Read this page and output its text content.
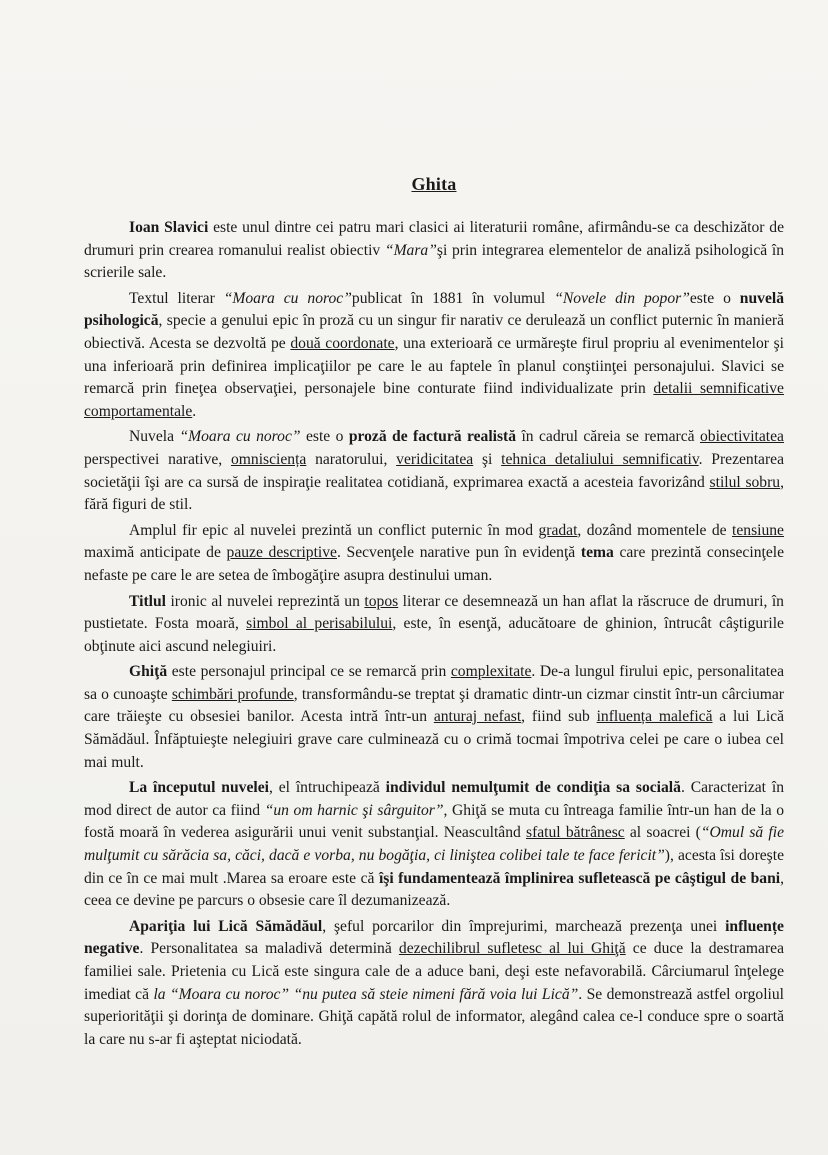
Ghita

Ioan Slavici este unul dintre cei patru mari clasici ai literaturii române, afirmându-se ca deschizător de drumuri prin crearea romanului realist obiectiv “Mara”şi prin integrarea elementelor de analiză psihologică în scrierile sale.

Textul literar “Moara cu noroc”publicat în 1881 în volumul “Novele din popor”este o nuvelă psihologică, specie a genului epic în proză cu un singur fir narativ ce derulează un conflict puternic în manieră obiectivă. Acesta se dezvoltă pe două coordonate, una exterioară ce urmăreşte firul propriu al evenimentelor şi una inferioară prin definirea implicaţiilor pe care le au faptele în planul conştiinţei personajului. Slavici se remarcă prin fineţea observaţiei, personajele bine conturate fiind individualizate prin detalii semnificative comportamentale.

Nuvela “Moara cu noroc” este o proză de factură realistă în cadrul căreia se remarcă obiectivitatea perspectivei narative, omnisciența naratorului, veridicitatea şi tehnica detaliului semnificativ. Prezentarea societăţii îşi are ca sursă de inspiraţie realitatea cotidiană, exprimarea exactă a acesteia favorizând stilul sobru, fără figuri de stil.

Amplul fir epic al nuvelei prezintă un conflict puternic în mod gradat, dozând momentele de tensiune maximă anticipate de pauze descriptive. Secvenţele narative pun în evidenţă tema care prezintă consecinţele nefaste pe care le are setea de îmbogăţire asupra destinului uman.

Titlul ironic al nuvelei reprezintă un topos literar ce desemnează un han aflat la răscruce de drumuri, în pustietate. Fosta moară, simbol al perisabilului, este, în esenţă, aducătoare de ghinion, întrucât câştigurile obţinute aici ascund nelegiuiri.

Ghiţă este personajul principal ce se remarcă prin complexitate. De-a lungul firului epic, personalitatea sa o cunoaşte schimbări profunde, transformându-se treptat şi dramatic dintr-un cizmar cinstit într-un cârciumar care trăieşte cu obsesiei banilor. Acesta intră într-un anturaj nefast, fiind sub influența malefică a lui Lică Sămădăul. Înfăptuieşte nelegiuiri grave care culminează cu o crimă tocmai împotriva celei pe care o iubea cel mai mult.

La începutul nuvelei, el întruchipează individul nemulţumit de condiţia sa socială. Caracterizat în mod direct de autor ca fiind “un om harnic şi sârguitor”, Ghiţă se muta cu întreaga familie într-un han de la o fostă moară în vederea asigurării unui venit substanţial. Neascultând sfatul bătrânesc al soacrei (“Omul să fie mulţumit cu sărăcia sa, căci, dacă e vorba, nu bogăţia, ci liniştea colibei tale te face fericit”), acesta îsi doreşte din ce în ce mai mult .Marea sa eroare este că îşi fundamentează împlinirea sufletească pe câştigul de bani, ceea ce devine pe parcurs o obsesie care îl dezumanizează.

Apariţia lui Lică Sămădăul, şeful porcarilor din împrejurimi, marchează prezenţa unei influențe negative. Personalitatea sa maladivă determină dezechilibrul sufletesc al lui Ghiţă ce duce la destramarea familiei sale. Prietenia cu Lică este singura cale de a aduce bani, deşi este nefavorabilă. Cârciumarul înţelege imediat că la “Moara cu noroc” “nu putea să steie nimeni fără voia lui Lică”. Se demonstrează astfel orgoliul superiorităţii şi dorinţa de dominare. Ghiţă capătă rolul de informator, alegând calea ce-l conduce spre o soartă la care nu s-ar fi aşteptat niciodată.
